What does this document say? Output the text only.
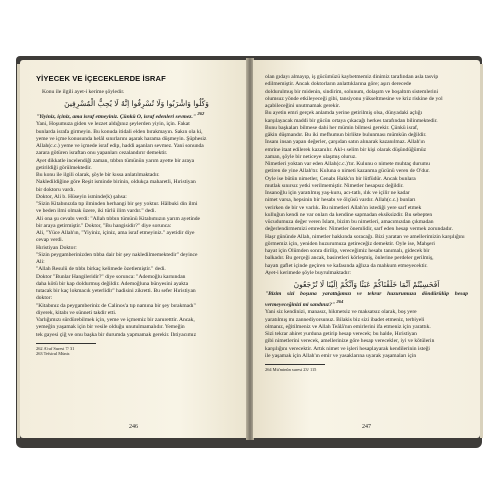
YİYECEK VE İÇECEKLERDE İSRAF

Konu ile ilgili ayet-i kerime şöyledir.

وَكُلُوا وَاشْرَبُوا وَلَا تُسْرِفُوا اِنَّهُ لَا يُحِبُّ الْمُسْرِفِينَ

"Yiyiniz, içiniz, ama israf etmeyiniz. Çünkü O, israf edenleri sevmez." $^{262}$

Yani, Hoşumuza giden ve lezzet aldığınız şeylerden yiyin, için. Fakat
bunlarda israfa girmeyin. Bu konuda itidali elden bırakmayın. Sakın ola ki,
yeme ve içme konusunda helâl sınırlarını aşarak harama düşmeyin. Şüphesiz
Allah(c.c.) yeme ve içmede israf edip, haddi aşanları sevmez. Yani sonunda
zarara götüren israftan onu yapanları cezalandırır demektir.
Ayet dikkatle incelendiği zaman, tıbbın tümünün yarım ayette bir araya
getirildiği görülmektedir.
Bu konu ile ilgili olarak, şöyle bir kıssa anlatılmaktadır.
Nakledildiğine göre Reşit isminde birinin, oldukça maharetli, Hıristiyan
bir doktoru vardı.
Doktor, Ali b. Hüseyin isminde(k) şahsa:
"Sizin Kitabınızda tıp ilminden herhangi bir şey yoktur. Hâlbuki din ilmi
ve beden ilmi olmak üzere, iki türlü ilim vardır." dedi.
Ali ona şu cevabı verdi: "Allah tıbbın tümünü Kitabımızın yarım ayetinde
bir araya getirmiştir." Doktor, "Bu hangisidir?" diye sorunca:
Ali, "Yüce Allah'ın, "Yiyiniz, içiniz, ama israf etmeyiniz." ayetidir diye
cevap verdi.
Hıristiyan Doktor:
"Sizin peygamberinizden tıbba dair bir şey nakledilmemektedir" deyince
Ali:
"Allah Resulü de tıbbı birkaç kelimede özetlemiştir." dedi.
Doktor "Bunlar Hangileridir?" diye sorunca: "Ademoğlu karnından
daha kötü bir kap doldurmuş değildir. Ademoğluna bünyesini ayakta
tutacak bir kaç lokmacık yeterlidir" hadisini zikretti. Bu sefer Hıristiyan
doktor:
"Kitabınız da peygamberiniz de Calinos'a tıp namına bir şey bırakmadı"
diyerek, kitabı ve sünneti takdir etti.
Varlığımızı sürdürebilmek için, yeme ve içmemiz bir zaruretttir. Ancak,
yemeğin yaşamak için bir vesile olduğu unutulmamalıdır. Yemeğin
tek gayesi çiğ ve onu başka bir durumda yapmamak gerekir. İhtiyacımız

262 A'raf Suresi 7/ 31

263 Tefsirul Münir.

246
olan gıdayı almayıp, iş gücümüzü kaybetmemiz dinimiz tarafından asla tasvip
edilmemiştir. Ancak doktorların anlattıklarına göre; aşırı derecede
doldurulmuş bir midenin, sindirim, solunum, dolaşım ve boşaltım sistemlerini
olumsuz yönde etkileyeceği gibi, tansiyonu yükseltmesine ve kriz riskine de yol
açabileceğini unutmamak gerekir.
Bu ayetin emri gerçek anlamda yerine getirilmiş olsa, dünyadaki açlığı
karşılayacak maddi bir gücün ortaya çıkacağı herkes tarafından bilinmektedir.
Bunu başkaları bilmese dahi her mümin bilmesi gerekir. Çünkü israf,
gâkin düşmandır. Bu iki mefhumun birlikte bulunması mümkün değildir.
İnsanı insan yapan değerler, çarşıdan satın alınarak kazanılmaz. Allah'ın
emrine itaat edilerek kazanılır. Akl-ı selim bir kişi olarak düşündüğümüz
zaman, şöyle bir neticeye ulaşmış oluruz.
Nimetleri yoktan var eden Allah(c.c.)'tır. Kulunu o nimete muhtaç durumu
getiren de yine Allah'tır. Kuluna o nimeti kazanma gücünü veren de O'dur.
Öyle ise bütün nimetler, Cenabı Hakk'ın bir lütfüdür. Ancak bunlara
mutlak sınırsız yetki verilmemiştir. Nimetler hesapsız değildir.
İnsanoğlu için yaratılmış yaş-kuru, acı-tatlı, ılık ve içilir ne kadar
nimet varsa, hepsinin bir hesabı ve ölçüsü vardır. Allah(c.c.) bunları
verirken de bir ve varlık. Bu nimetleri Allah'ın istediği yere sarf etmek
kulluğun kendi ne var onları da kendine sapmadan eksiksizdir. Bu sebepten
vücudumuza değer veren İslam, bizim bu nimetleri, amacımızdan çıkmadan
değerlendirmemizi emreder. Nimetler önemlidir, sarf eden hesap vermek zorundadır.
Haşr gününde Allah, nimetler hakkında soracağı. Bizi yaratan ve amellerimizin karşılığını
görmemiz için, yeniden huzurumuza getireceğiz demektir. Öyle ise, Mahşeri
hayat için Ölümden sonra dirilip, vereceğimiz hesabı tanımalı, gidecek bir
balkadır. Bu gerçeği ancak, basiretleri körleşmiş, önlerine perdeler gerilmiş,
hayatı gaflet içinde geçiren ve kafasında ağlıza da mahkum etmeyecektir.
Ayet-i kerimede şöyle buyrulmaktadır:
اَفَحَسِبْتُمْ اَنَّمَا خَلَقْنَاكُمْ عَبَثًا وَاَنَّكُمْ اِلَيْنَا لَا تُرْجَعُونَ

"Bizim sizi boşuna yarattığımızı ve tekrar huzurumuza döndürülüp hesap vermeyeceğinizi mi sandınız?" $^{264}$

Yani siz kendinizi, manasız, hikmetsiz ve maksatsız olarak, boş yere
yaratılmış mı zannediyorsunuz. Bilakis biz sizi ibadet etmeniz, terbiyeli
olmanız, eğitilmeniz ve Allah Teâlâ'nın emirlerini ifa etmeniz için yarattık.
Sizi tekrar ahiret yurduna getirip hesap verecek; bu halde, Hıristiyan
gibi nimetlerini verecek, amellerinize göre hesap verecekler, iyi ve kötülerin
karşılığını verecektir. Artık nimet ve işleri hesaplayarak kendilerinin isteği
ile yaşamak için Allah'ın emir ve yasaklarına uyarak yaşamaları için

264 Mü'minûn suresi 23/ 115

247
